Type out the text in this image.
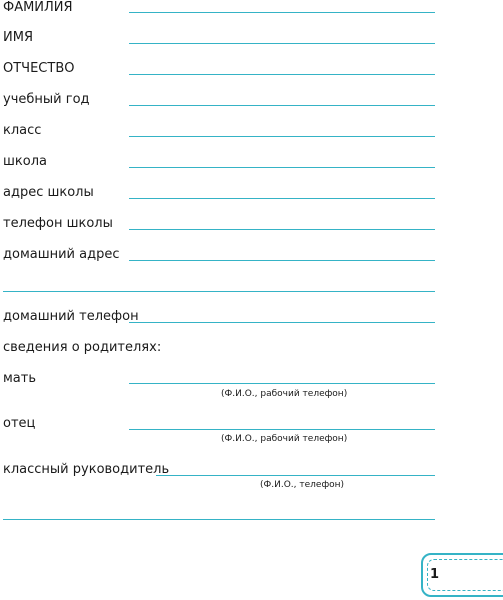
ФАМИЛИЯ
ИМЯ
ОТЧЕСТВО
учебный год
класс
школа
адрес школы
телефон школы
домашний адрес
домашний телефон
сведения о родителях:
мать
(Ф.И.О., рабочий телефон)
отец
(Ф.И.О., рабочий телефон)
классный руководитель
(Ф.И.О., телефон)
1
